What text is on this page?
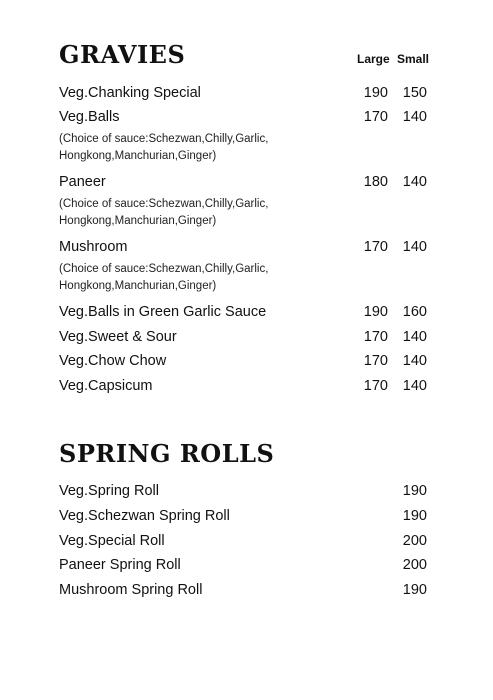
GRAVIES	Large Small
Veg.Chanking Special	190	150
Veg.Balls	170	140
(Choice of sauce:Schezwan,Chilly,Garlic,
Hongkong,Manchurian,Ginger)
Paneer	180	140
(Choice of sauce:Schezwan,Chilly,Garlic,
Hongkong,Manchurian,Ginger)
Mushroom	170	140
(Choice of sauce:Schezwan,Chilly,Garlic,
Hongkong,Manchurian,Ginger)
Veg.Balls in Green Garlic Sauce	190	160
Veg.Sweet & Sour	170	140
Veg.Chow Chow	170	140
Veg.Capsicum	170	140
SPRING ROLLS
Veg.Spring Roll	190
Veg.Schezwan Spring Roll	190
Veg.Special Roll	200
Paneer Spring Roll	200
Mushroom Spring Roll	190
